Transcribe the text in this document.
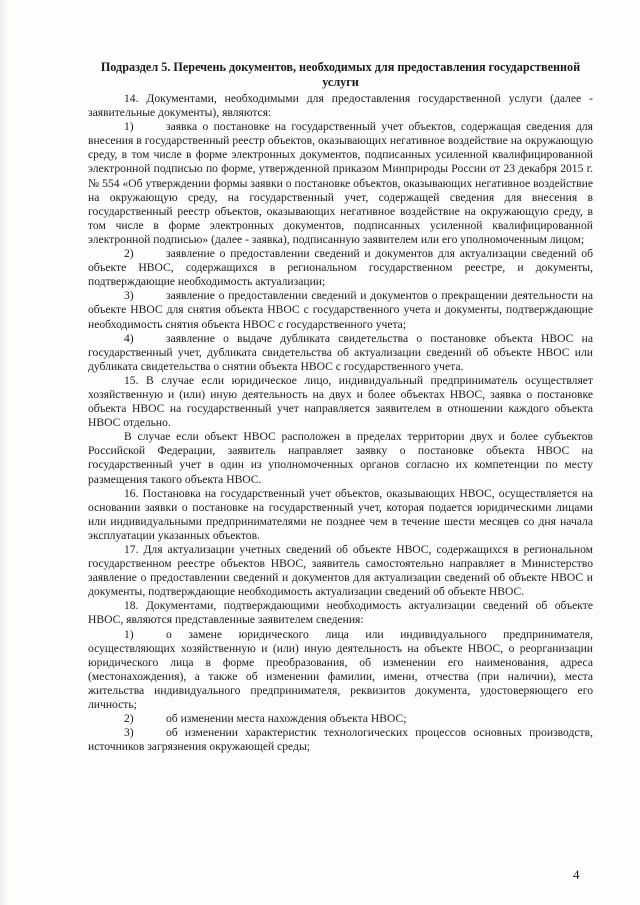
Подраздел 5. Перечень документов, необходимых для предоставления государственной услуги

14. Документами, необходимыми для предоставления государственной услуги (далее - заявительные документы), являются:

1)	заявка о постановке на государственный учет объектов, содержащая сведения для внесения в государственный реестр объектов, оказывающих негативное воздействие на окружающую среду, в том числе в форме электронных документов, подписанных усиленной квалифицированной электронной подписью по форме, утвержденной приказом Минприроды России от 23 декабря 2015 г. № 554 «Об утверждении формы заявки о постановке объектов, оказывающих негативное воздействие на окружающую среду, на государственный учет, содержащей сведения для внесения в государственный реестр объектов, оказывающих негативное воздействие на окружающую среду, в том числе в форме электронных документов, подписанных усиленной квалифицированной электронной подписью» (далее - заявка), подписанную заявителем или его уполномоченным лицом;

2)	заявление о предоставлении сведений и документов для актуализации сведений об объекте НВОС, содержащихся в региональном государственном реестре, и документы, подтверждающие необходимость актуализации;

3)	заявление о предоставлении сведений и документов о прекращении деятельности на объекте НВОС для снятия объекта НВОС с государственного учета и документы, подтверждающие необходимость снятия объекта НВОС с государственного учета;

4)	заявление о выдаче дубликата свидетельства о постановке объекта НВОС на государственный учет, дубликата свидетельства об актуализации сведений об объекте НВОС или дубликата свидетельства о снятии объекта НВОС с государственного учета.

15. В случае если юридическое лицо, индивидуальный предприниматель осуществляет хозяйственную и (или) иную деятельность на двух и более объектах НВОС, заявка о постановке объекта НВОС на государственный учет направляется заявителем в отношении каждого объекта НВОС отдельно.

В случае если объект НВОС расположен в пределах территории двух и более субъектов Российской Федерации, заявитель направляет заявку о постановке объекта НВОС на государственный учет в один из уполномоченных органов согласно их компетенции по месту размещения такого объекта НВОС.

16. Постановка на государственный учет объектов, оказывающих НВОС, осуществляется на основании заявки о постановке на государственный учет, которая подается юридическими лицами или индивидуальными предпринимателями не позднее чем в течение шести месяцев со дня начала эксплуатации указанных объектов.

17. Для актуализации учетных сведений об объекте НВОС, содержащихся в региональном государственном реестре объектов НВОС, заявитель самостоятельно направляет в Министерство заявление о предоставлении сведений и документов для актуализации сведений об объекте НВОС и документы, подтверждающие необходимость актуализации сведений об объекте НВОС.

18. Документами, подтверждающими необходимость актуализации сведений об объекте НВОС, являются представленные заявителем сведения:

1)	о замене юридического лица или индивидуального предпринимателя, осуществляющих хозяйственную и (или) иную деятельность на объекте НВОС, о реорганизации юридического лица в форме преобразования, об изменении его наименования, адреса (местонахождения), а также об изменении фамилии, имени, отчества (при наличии), места жительства индивидуального предпринимателя, реквизитов документа, удостоверяющего его личность;

2)	об изменении места нахождения объекта НВОС;

3)	об изменении характеристик технологических процессов основных производств, источников загрязнения окружающей среды;

4
